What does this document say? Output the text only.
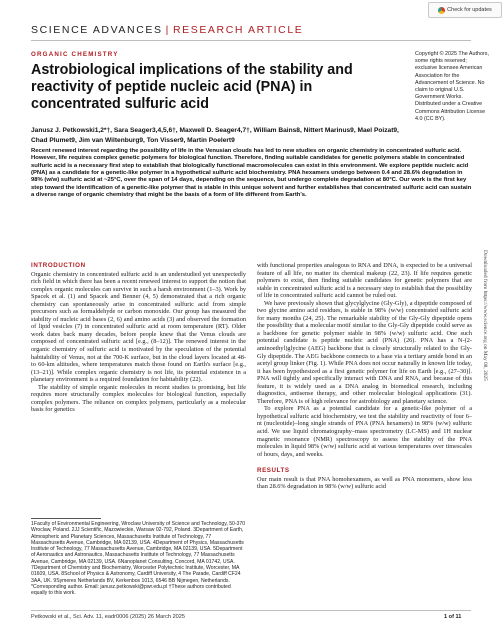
Check for updates
SCIENCE ADVANCES | RESEARCH ARTICLE
ORGANIC CHEMISTRY
Astrobiological implications of the stability and reactivity of peptide nucleic acid (PNA) in concentrated sulfuric acid

Janusz J. Petkowski1,2*†, Sara Seager3,4,5,6†, Maxwell D. Seager4,7†, William Bains8, Nittert Marinus9, Mael Poizat9, Chad Plumet9, Jim van Wiltenburg9, Ton Visser9, Martin Poelert9

Recent renewed interest regarding the possibility of life in the Venusian clouds has led to new studies on organic chemistry in concentrated sulfuric acid. However, life requires complex genetic polymers for biological function. Therefore, finding suitable candidates for genetic polymers stable in concentrated sulfuric acid is a necessary first step to establish that biologically functional macromolecules can exist in this environment. We explore peptide nucleic acid (PNA) as a candidate for a genetic-like polymer in a hypothetical sulfuric acid biochemistry. PNA hexamers undergo between 0.4 and 28.6% degradation in 98% (w/w) sulfuric acid at ~25°C, over the span of 14 days, depending on the sequence, but undergo complete degradation at 80°C. Our work is the first key step toward the identification of a genetic-like polymer that is stable in this unique solvent and further establishes that concentrated sulfuric acid can sustain a diverse range of organic chemistry that might be the basis of a form of life different from Earth's.

Copyright © 2025 The Authors, some rights reserved; exclusive licensee American Association for the Advancement of Science. No claim to original U.S. Government Works. Distributed under a Creative Commons Attribution License 4.0 (CC BY).

Downloaded from https://www.science.org on May 08, 2025
INTRODUCTION

Organic chemistry in concentrated sulfuric acid is an understudied yet unexpectedly rich field in which there has been a recent renewed interest to support the notion that complex organic molecules can survive in such a harsh environment (1–3). Work by Spacek et al. (1) and Spacek and Benner (4, 5) demonstrated that a rich organic chemistry can spontaneously arise in concentrated sulfuric acid from simple precursors such as formaldehyde or carbon monoxide. Our group has measured the stability of nucleic acid bases (2, 6) and amino acids (3) and observed the formation of lipid vesicles (7) in concentrated sulfuric acid at room temperature (RT). Older work dates back many decades, before people knew that the Venus clouds are composed of concentrated sulfuric acid [e.g., (8–12)]. The renewed interest in the organic chemistry of sulfuric acid is motivated by the speculation of the potential habitability of Venus, not at the 700-K surface, but in the cloud layers located at 48- to 60-km altitudes, where temperatures match those found on Earth's surface [e.g., (13–21)]. While complex organic chemistry is not life, its potential existence in a planetary environment is a required foundation for habitability (22).

The stability of simple organic molecules in recent studies is promising, but life requires more structurally complex molecules for biological function, especially complex polymers. The reliance on complex polymers, particularly as a molecular basis for genetics

1Faculty of Environmental Engineering, Wroclaw University of Science and Technology, 50-370 Wroclaw, Poland. 2JJ Scientific, Mazowieckie, Warsaw 02-792, Poland. 3Department of Earth, Atmospheric and Planetary Sciences, Massachusetts Institute of Technology, 77 Massachusetts Avenue, Cambridge, MA 02139, USA. 4Department of Physics, Massachusetts Institute of Technology, 77 Massachusetts Avenue, Cambridge, MA 02139, USA. 5Department of Aeronautics and Astronautics, Massachusetts Institute of Technology, 77 Massachusetts Avenue, Cambridge, MA 02139, USA. 6Nanoplanet Consulting, Concord, MA 01742, USA. 7Department of Chemistry and Biochemistry, Worcester Polytechnic Institute, Worcester, MA 01609, USA. 8School of Physics & Astronomy, Cardiff University, 4 The Parade, Cardiff CF24 3AA, UK. 9Symeres Netherlands BV, Kerkenbos 1013, 6546 BB Nijmegen, Netherlands. *Corresponding author. Email: janusz.petkowski@pwr.edu.pl †These authors contributed equally to this work.

with functional properties analogous to RNA and DNA, is expected to be a universal feature of all life, no matter its chemical makeup (22, 23). If life requires genetic polymers to exist, then finding suitable candidates for genetic polymers that are stable in concentrated sulfuric acid is a necessary step to establish that the possibility of life in concentrated sulfuric acid cannot be ruled out.

We have previously shown that glycylglycine (Gly-Gly), a dipeptide composed of two glycine amino acid residues, is stable in 98% (w/w) concentrated sulfuric acid for many months (24, 25). The remarkable stability of the Gly-Gly dipeptide opens the possibility that a molecular motif similar to the Gly-Gly dipeptide could serve as a backbone for genetic polymer stable in 98% (w/w) sulfuric acid. One such potential candidate is peptide nucleic acid (PNA) (26). PNA has a N-(2-aminoethyl)glycine (AEG) backbone that is closely structurally related to the Gly-Gly dipeptide. The AEG backbone connects to a base via a tertiary amide bond in an acetyl group linker (Fig. 1). While PNA does not occur naturally in known life today, it has been hypothesized as a first genetic polymer for life on Earth [e.g., (27–30)]. PNA will tightly and specifically interact with DNA and RNA, and because of this feature, it is widely used as a DNA analog in biomedical research, including diagnostics, antisense therapy, and other molecular biological applications (31). Therefore, PNA is of high relevance for astrobiology and planetary science.

To explore PNA as a potential candidate for a genetic-like polymer of a hypothetical sulfuric acid biochemistry, we test the stability and reactivity of four 6–nt (nucleotide)–long single strands of PNA (PNA hexamers) in 98% (w/w) sulfuric acid. We use liquid chromatography–mass spectrometry (LC-MS) and 1H nuclear magnetic resonance (NMR) spectroscopy to assess the stability of the PNA molecules in liquid 98% (w/w) sulfuric acid at various temperatures over timescales of hours, days, and weeks.

RESULTS

Our main result is that PNA homohexamers, as well as PNA monomers, show less than 28.6% degradation in 98% (w/w) sulfuric acid

Petkowski et al., Sci. Adv. 11, eadr0006 (2025) 26 March 2025	1 of 11
